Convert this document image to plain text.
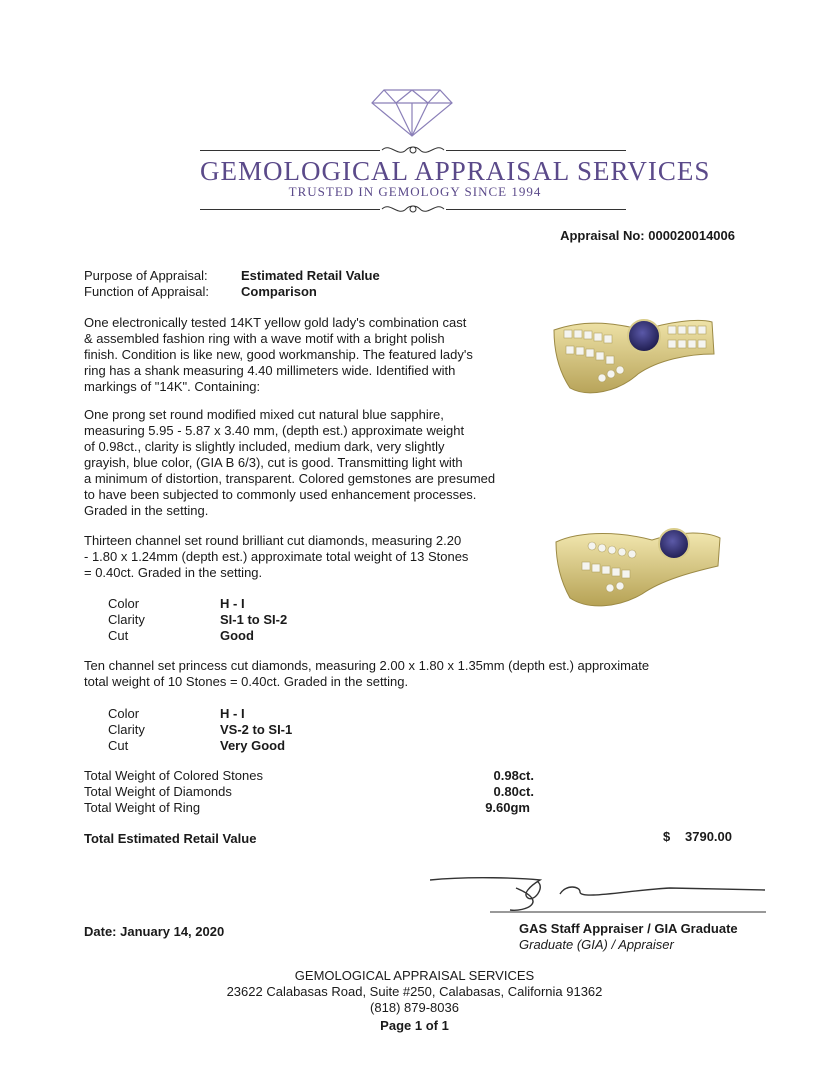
GEMOLOGICAL APPRAISAL SERVICES
TRUSTED IN GEMOLOGY SINCE 1994
Appraisal No: 000020014006
Purpose of Appraisal:	Estimated Retail Value
Function of Appraisal: Comparison
One electronically tested 14KT yellow gold lady's combination cast
& assembled fashion ring with a wave motif with a bright polish
finish. Condition is like new, good workmanship. The featured lady's
ring has a shank measuring 4.40 millimeters wide. Identified with
markings of "14K". Containing:
One prong set round modified mixed cut natural blue sapphire,
measuring 5.95 - 5.87 x 3.40 mm, (depth est.) approximate weight
of 0.98ct., clarity is slightly included, medium dark, very slightly
grayish, blue color, (GIA B 6/3), cut is good. Transmitting light with
a minimum of distortion, transparent. Colored gemstones are presumed
to have been subjected to commonly used enhancement processes.
Graded in the setting.
Thirteen channel set round brilliant cut diamonds, measuring 2.20
- 1.80 x 1.24mm (depth est.) approximate total weight of 13 Stones
= 0.40ct. Graded in the setting.
Color	H - I
Clarity	SI-1 to SI-2
Cut	Good
Ten channel set princess cut diamonds, measuring 2.00 x 1.80 x 1.35mm (depth est.) approximate
total weight of 10 Stones = 0.40ct. Graded in the setting.
Color	H - I
Clarity	VS-2 to SI-1
Cut	Very Good
Total Weight of Colored Stones	0.98ct.
Total Weight of Diamonds	0.80ct.
Total Weight of Ring	9.60gm
Total Estimated Retail Value	$ 3790.00
GAS Staff Appraiser / GIA Graduate
Graduate (GIA) / Appraiser
Date: January 14, 2020
GEMOLOGICAL APPRAISAL SERVICES
23622 Calabasas Road, Suite #250, Calabasas, California 91362
(818) 879-8036
Page 1 of 1
